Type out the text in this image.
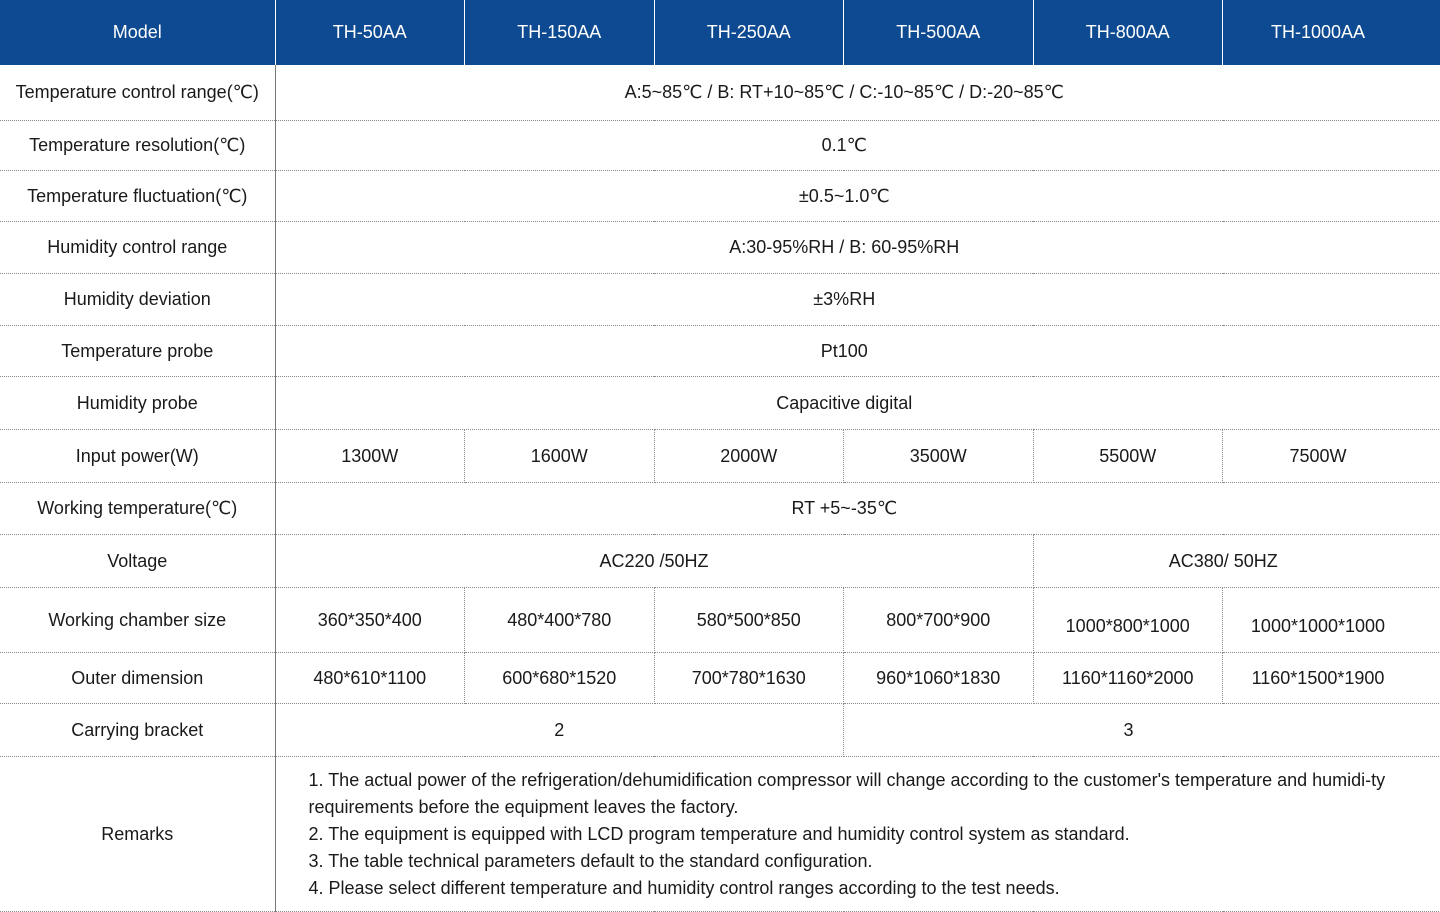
Model	TH-50AA	TH-150AA	TH-250AA	TH-500AA	TH-800AA	TH-1000AA
Temperature control range(℃)	A:5~85℃ / B: RT+10~85℃ / C:-10~85℃ / D:-20~85℃					
Temperature resolution(℃)	0.1℃					
Temperature fluctuation(℃)	±0.5~1.0℃					
Humidity control range	A:30-95%RH / B: 60-95%RH					
Humidity deviation	±3%RH					
Temperature probe	Pt100					
Humidity probe	Capacitive digital					
Input power(W)	1300W	1600W	2000W	3500W	5500W	7500W
Working temperature(℃)	RT +5~-35℃					
Voltage	AC220 /50HZ				AC380/ 50HZ	
Working chamber size	360*350*400	480*400*780	580*500*850	800*700*900	1000*800*1000	1000*1000*1000
Outer dimension	480*610*1100	600*680*1520	700*780*1630	960*1060*1830	1160*1160*2000	1160*1500*1900
Carrying bracket	2			3		
Remarks	1. The actual power of the refrigeration/dehumidification compressor will change according to the customer's temperature and humidi-ty requirements before the equipment leaves the factory.
2. The equipment is equipped with LCD program temperature and humidity control system as standard.
3. The table technical parameters default to the standard configuration.
4. Please select different temperature and humidity control ranges according to the test needs.					
